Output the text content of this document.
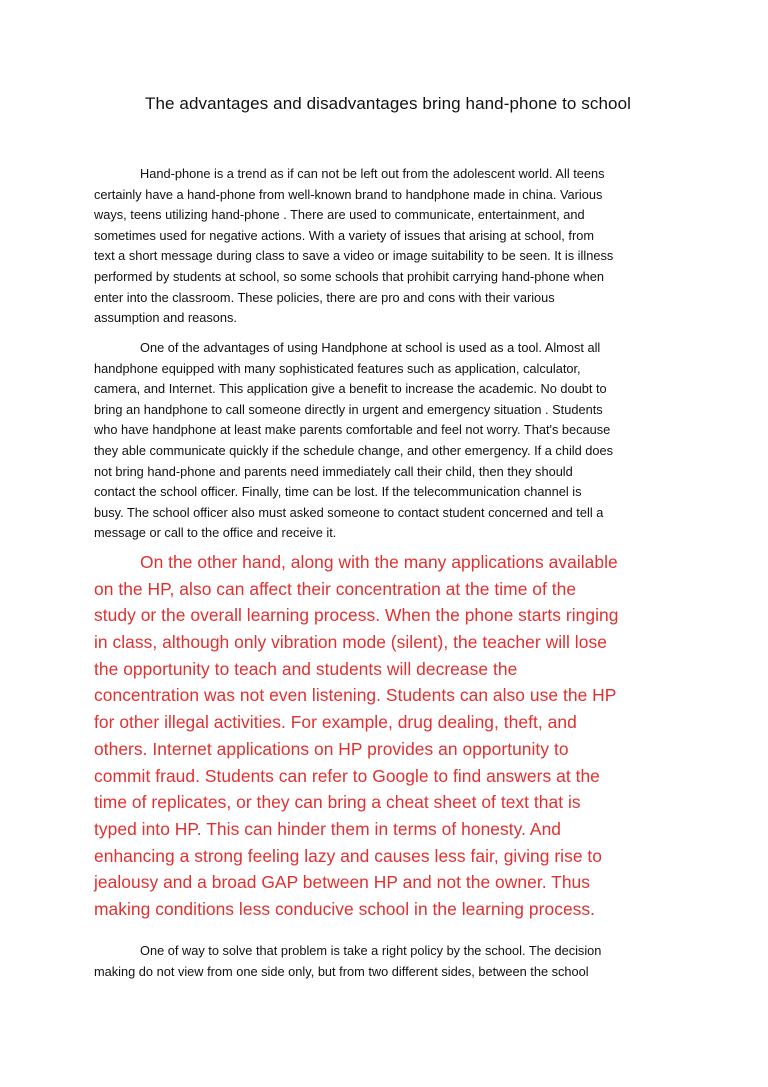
The advantages and disadvantages bring hand-phone to school
Hand-phone is a trend as if can not be left out from the adolescent world. All teens
certainly have a hand-phone from well-known brand to handphone made in china. Various
ways, teens utilizing hand-phone . There are used to communicate, entertainment, and
sometimes used for negative actions. With a variety of issues that arising at school, from
text a short message during class to save a video or image suitability to be seen. It is illness
performed by students at school, so some schools that prohibit carrying hand-phone when
enter into the classroom. These policies, there are pro and cons with their various
assumption and reasons.
One of the advantages of using Handphone at school is used as a tool. Almost all
handphone equipped with many sophisticated features such as application, calculator,
camera, and Internet. This application give a benefit to increase the academic. No doubt to
bring an handphone to call someone directly in urgent and emergency situation . Students
who have handphone at least make parents comfortable and feel not worry. That's because
they able communicate quickly if the schedule change, and other emergency. If a child does
not bring hand-phone and parents need immediately call their child, then they should
contact the school officer. Finally, time can be lost. If the telecommunication channel is
busy. The school officer also must asked someone to contact student concerned and tell a
message or call to the office and receive it.
On the other hand, along with the many applications available
on the HP, also can affect their concentration at the time of the
study or the overall learning process. When the phone starts ringing
in class, although only vibration mode (silent), the teacher will lose
the opportunity to teach and students will decrease the
concentration was not even listening. Students can also use the HP
for other illegal activities. For example, drug dealing, theft, and
others. Internet applications on HP provides an opportunity to
commit fraud. Students can refer to Google to find answers at the
time of replicates, or they can bring a cheat sheet of text that is
typed into HP. This can hinder them in terms of honesty. And
enhancing a strong feeling lazy and causes less fair, giving rise to
jealousy and a broad GAP between HP and not the owner. Thus
making conditions less conducive school in the learning process.
One of way to solve that problem is take a right policy by the school. The decision
making do not view from one side only, but from two different sides, between the school
